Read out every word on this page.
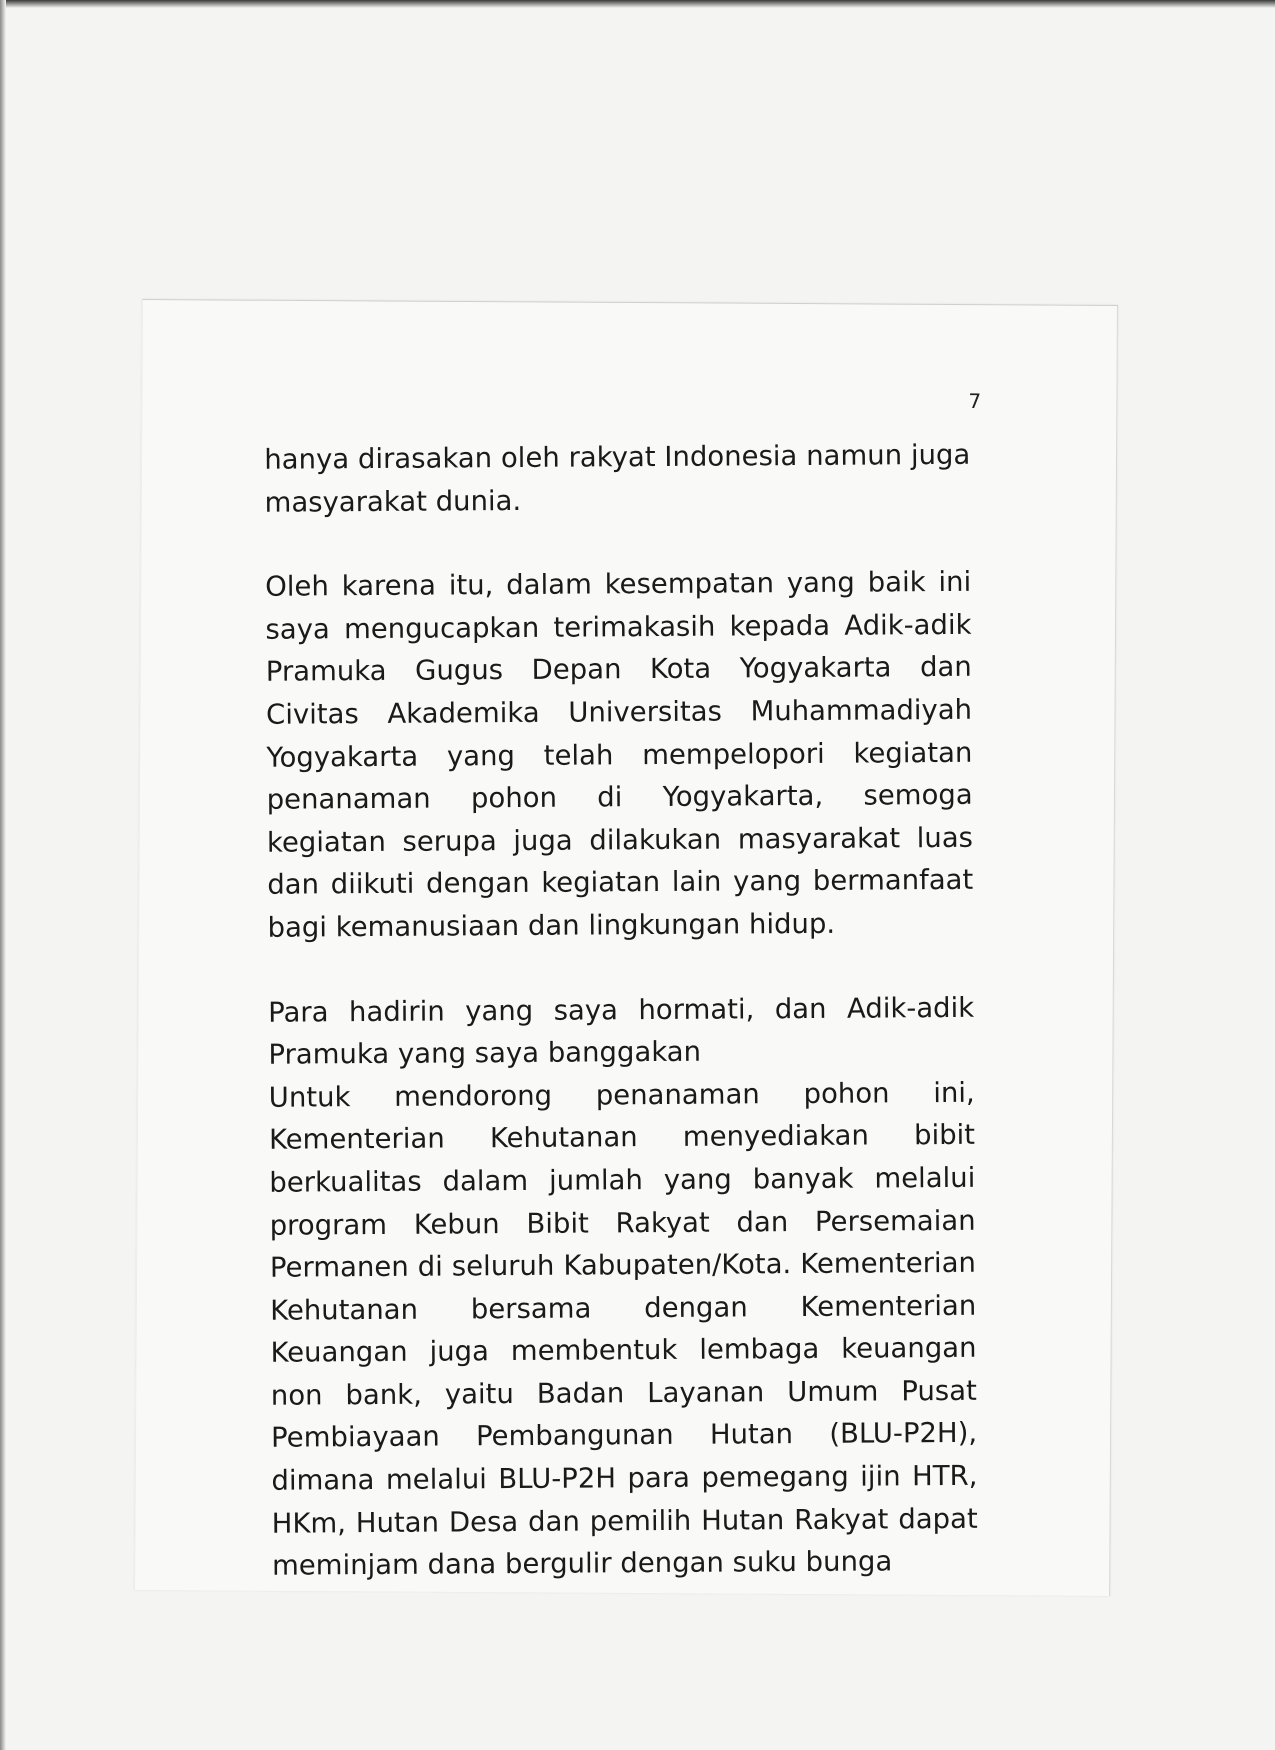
7

hanya dirasakan oleh rakyat Indonesia namun juga masyarakat dunia.

Oleh karena itu, dalam kesempatan yang baik ini saya mengucapkan terimakasih kepada Adik-adik Pramuka Gugus Depan Kota Yogyakarta dan Civitas Akademika Universitas Muhammadiyah Yogyakarta yang telah mempelopori kegiatan penanaman pohon di Yogyakarta, semoga kegiatan serupa juga dilakukan masyarakat luas dan diikuti dengan kegiatan lain yang bermanfaat bagi kemanusiaan dan lingkungan hidup.

Para hadirin yang saya hormati, dan Adik-adik Pramuka yang saya banggakan

Untuk mendorong penanaman pohon ini, Kementerian Kehutanan menyediakan bibit berkualitas dalam jumlah yang banyak melalui program Kebun Bibit Rakyat dan Persemaian Permanen di seluruh Kabupaten/Kota. Kementerian Kehutanan bersama dengan Kementerian Keuangan juga membentuk lembaga keuangan non bank, yaitu Badan Layanan Umum Pusat Pembiayaan Pembangunan Hutan (BLU-P2H), dimana melalui BLU-P2H para pemegang ijin HTR, HKm, Hutan Desa dan pemilih Hutan Rakyat dapat meminjam dana bergulir dengan suku bunga
